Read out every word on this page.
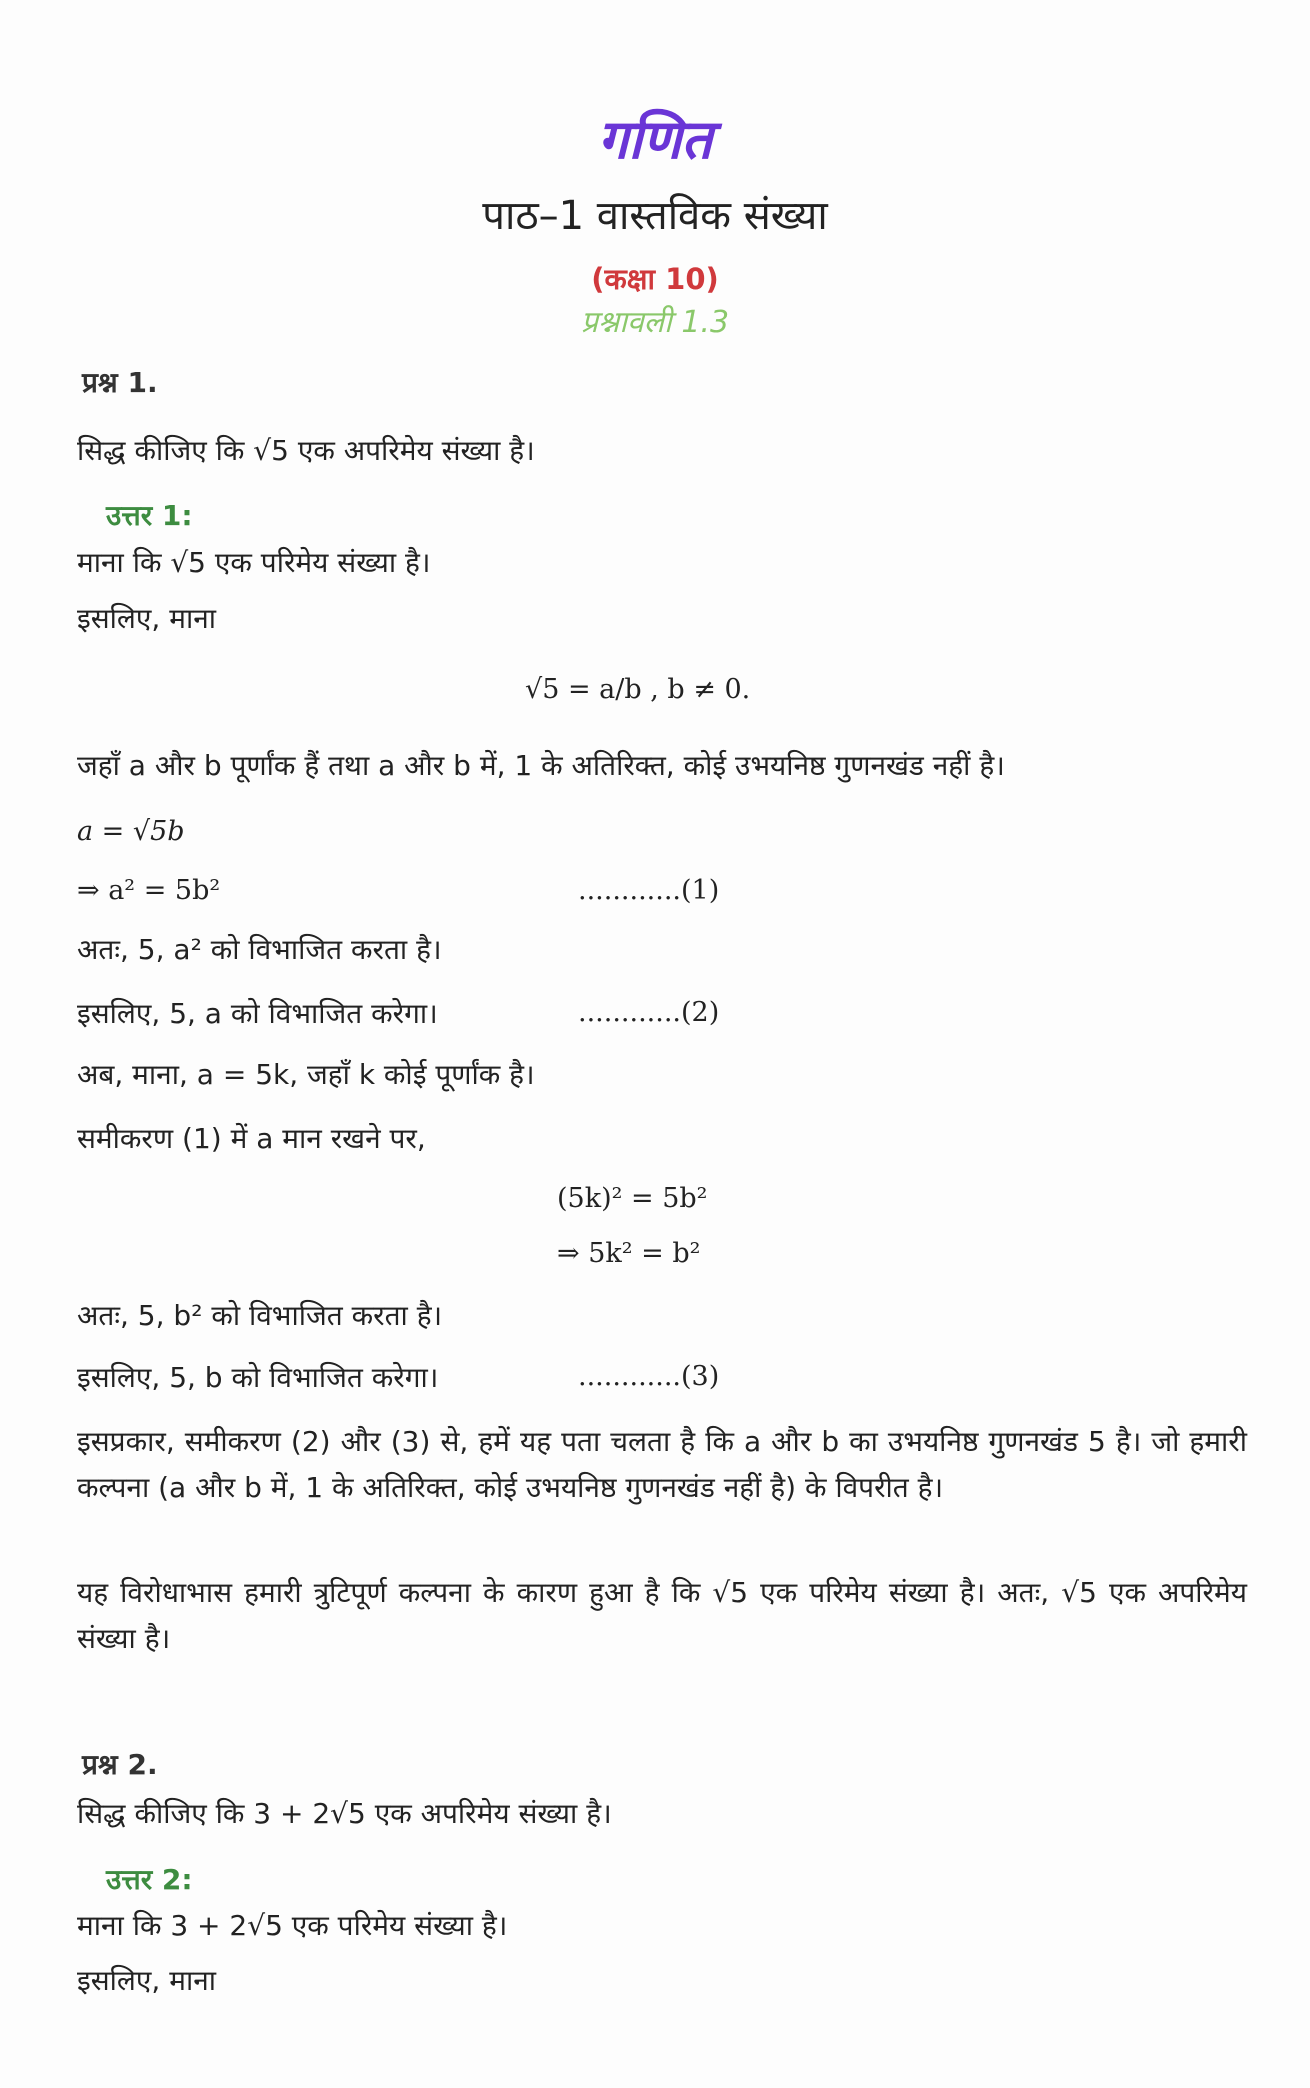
गणित
पाठ–1 वास्तविक संख्या
(कक्षा 10)
प्रश्नावली 1.3
प्रश्न 1.
सिद्ध कीजिए कि √5 एक अपरिमेय संख्या है।
उत्तर 1:
माना कि √5 एक परिमेय संख्या है।
इसलिए, माना
√5 = a/b , b ≠ 0.
जहाँ a और b पूर्णांक हैं तथा a और b में, 1 के अतिरिक्त, कोई उभयनिष्ठ गुणनखंड नहीं है।
a = √5b
⇒ a² = 5b²	............(1)
अतः, 5, a² को विभाजित करता है।
इसलिए, 5, a को विभाजित करेगा।	............(2)
अब, माना, a = 5k, जहाँ k कोई पूर्णांक है।
समीकरण (1) में a मान रखने पर,
(5k)² = 5b²
⇒ 5k² = b²
अतः, 5, b² को विभाजित करता है।
इसलिए, 5, b को विभाजित करेगा।	............(3)
इसप्रकार, समीकरण (2) और (3) से, हमें यह पता चलता है कि a और b का उभयनिष्ठ गुणनखंड 5 है। जो हमारी कल्पना (a और b में, 1 के अतिरिक्त, कोई उभयनिष्ठ गुणनखंड नहीं है) के विपरीत है।
यह विरोधाभास हमारी त्रुटिपूर्ण कल्पना के कारण हुआ है कि √5 एक परिमेय संख्या है। अतः, √5 एक अपरिमेय संख्या है।
प्रश्न 2.
सिद्ध कीजिए कि 3 + 2√5 एक अपरिमेय संख्या है।
उत्तर 2:
माना कि 3 + 2√5 एक परिमेय संख्या है।
इसलिए, माना
